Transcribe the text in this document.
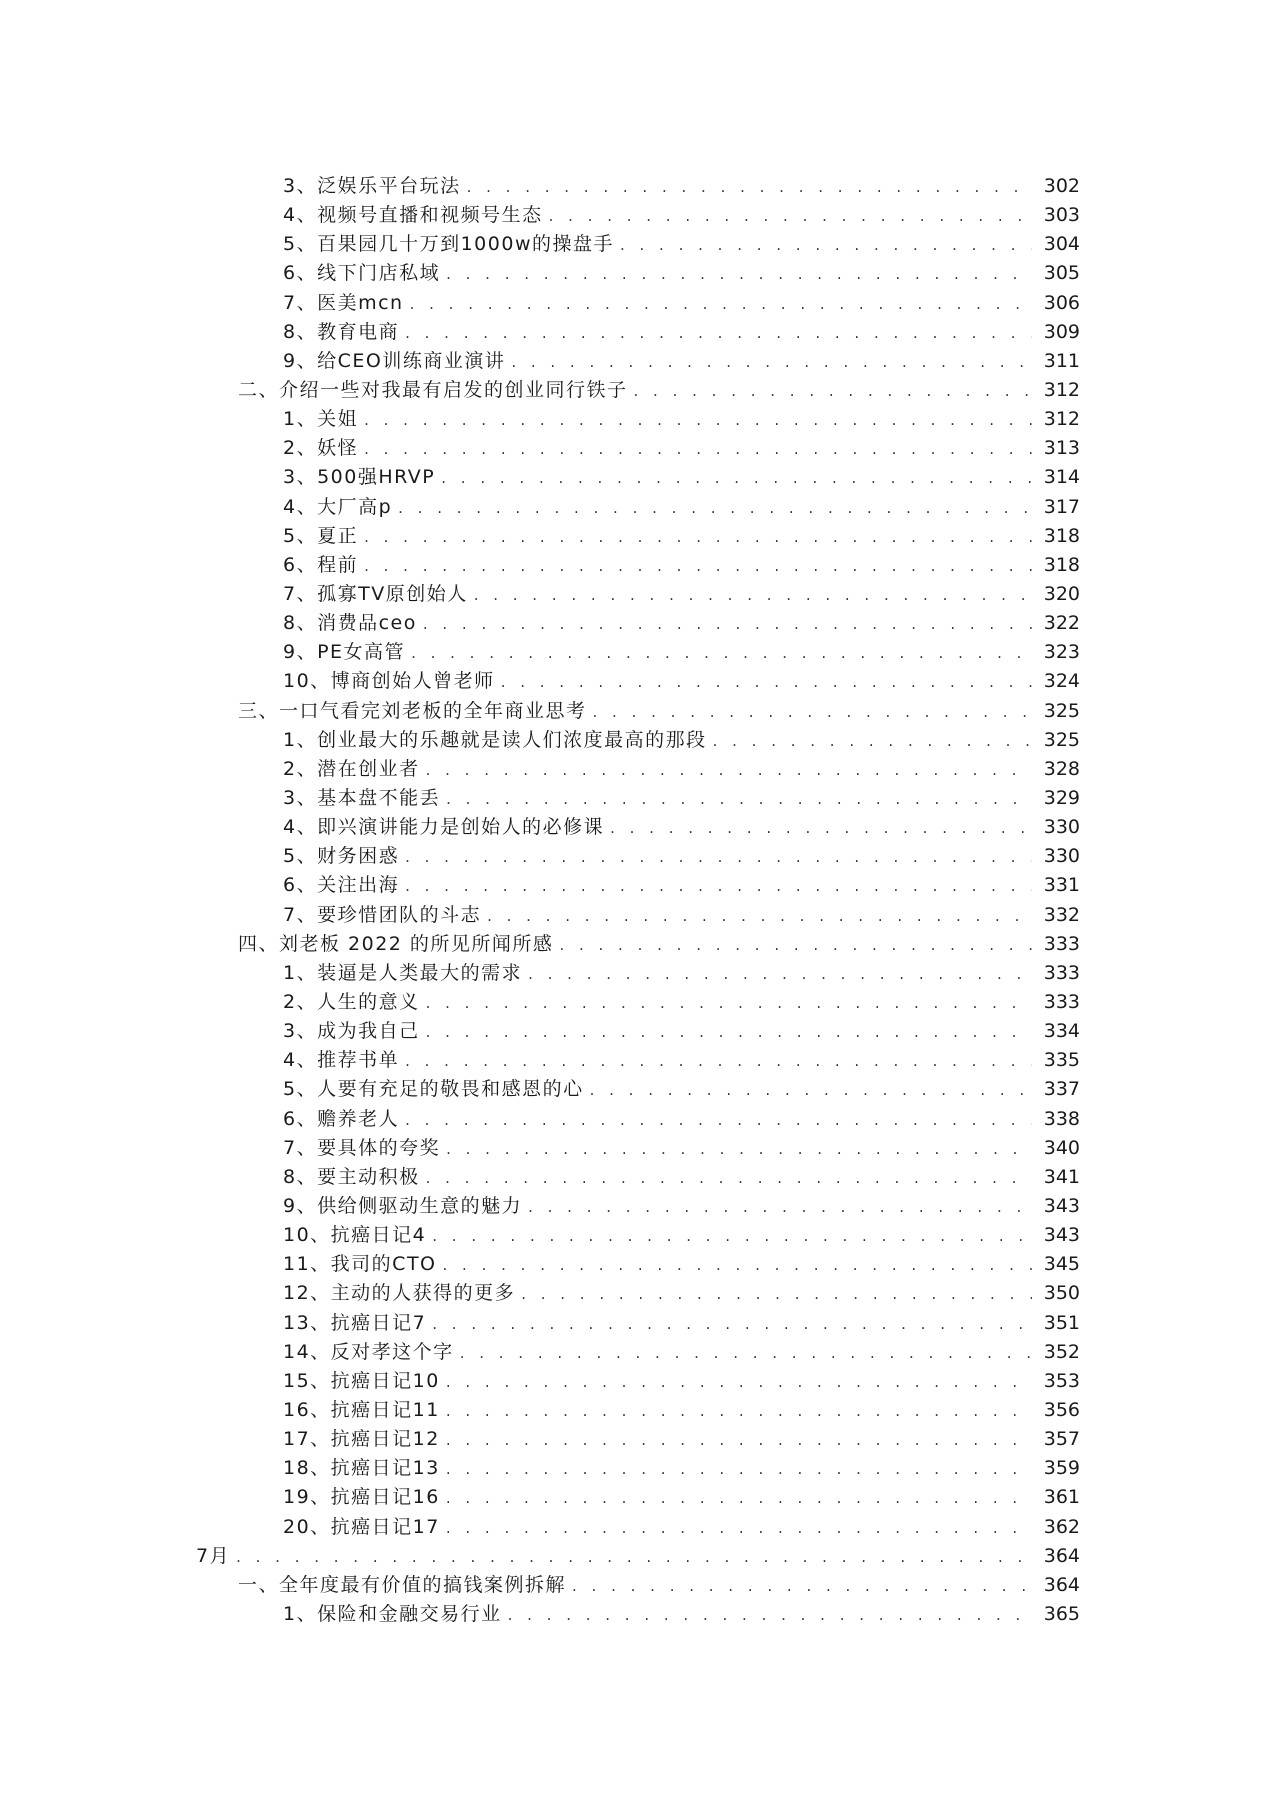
3、泛娱乐平台玩法 . . .	302
4、视频号直播和视频号生态 . . .	303
5、百果园几十万到1000w的操盘手 . . .	304
6、线下门店私域 . . .	305
7、医美mcn . . .	306
8、教育电商 . . .	309
9、给CEO训练商业演讲 . . .	311
二、介绍一些对我最有启发的创业同行铁子 . . .	312
1、关姐 . . .	312
2、妖怪 . . .	313
3、500强HRVP . . .	314
4、大厂高p . . .	317
5、夏正 . . .	318
6、程前 . . .	318
7、孤寡TV原创始人 . . .	320
8、消费品ceo . . .	322
9、PE女高管 . . .	323
10、博商创始人曾老师 . . .	324
三、一口气看完刘老板的全年商业思考 . . .	325
1、创业最大的乐趣就是读人们浓度最高的那段 . . .	325
2、潜在创业者 . . .	328
3、基本盘不能丢 . . .	329
4、即兴演讲能力是创始人的必修课 . . .	330
5、财务困惑 . . .	330
6、关注出海 . . .	331
7、要珍惜团队的斗志 . . .	332
四、刘老板 2022 的所见所闻所感 . . .	333
1、装逼是人类最大的需求 . . .	333
2、人生的意义 . . .	333
3、成为我自己 . . .	334
4、推荐书单 . . .	335
5、人要有充足的敬畏和感恩的心 . . .	337
6、赡养老人 . . .	338
7、要具体的夸奖 . . .	340
8、要主动积极 . . .	341
9、供给侧驱动生意的魅力 . . .	343
10、抗癌日记4 . . .	343
11、我司的CTO . . .	345
12、主动的人获得的更多 . . .	350
13、抗癌日记7 . . .	351
14、反对孝这个字 . . .	352
15、抗癌日记10 . . .	353
16、抗癌日记11 . . .	356
17、抗癌日记12 . . .	357
18、抗癌日记13 . . .	359
19、抗癌日记16 . . .	361
20、抗癌日记17 . . .	362
7月 . . .	364
一、全年度最有价值的搞钱案例拆解 . . .	364
1、保险和金融交易行业 . . .	365
